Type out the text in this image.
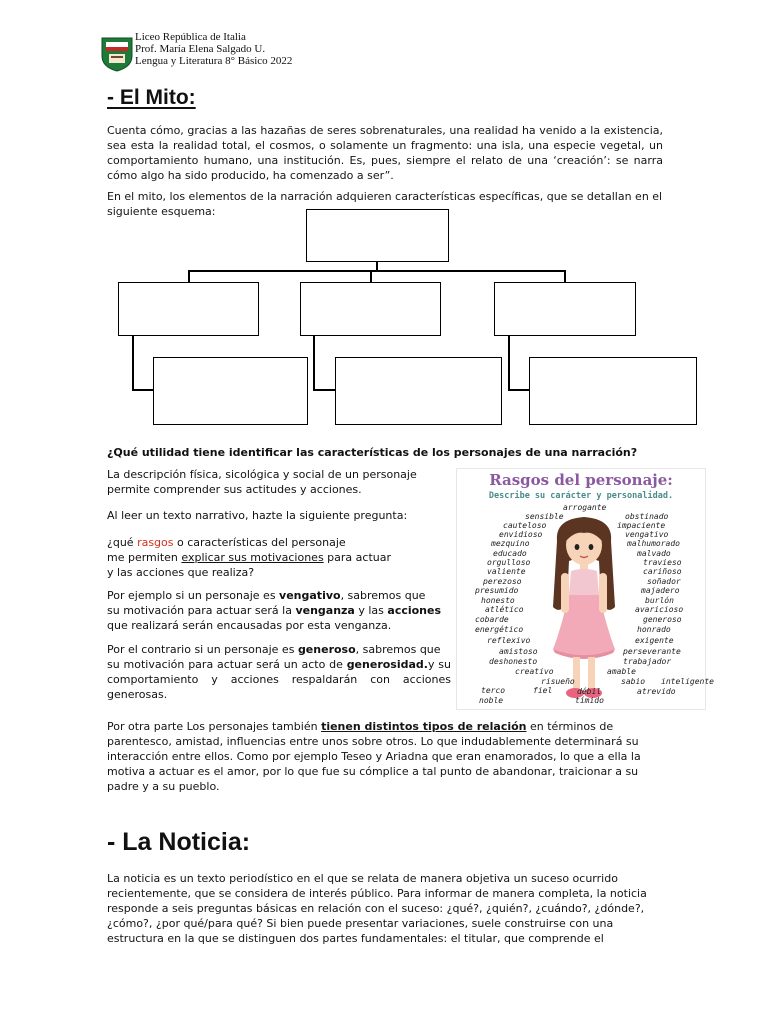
Liceo República de Italia
Prof. María Elena Salgado U.
Lengua y Literatura 8° Básico 2022
- El Mito:
Cuenta cómo, gracias a las hazañas de seres sobrenaturales, una realidad ha venido a la existencia, sea esta la realidad total, el cosmos, o solamente un fragmento: una isla, una especie vegetal, un comportamiento humano, una institución. Es, pues, siempre el relato de una ‘creación’: se narra cómo algo ha sido producido, ha comenzado a ser”.
En el mito, los elementos de la narración adquieren características específicas, que se detallan en el siguiente esquema:
¿Qué utilidad tiene identificar las características de los personajes de una narración?
La descripción física, sicológica y social de un personaje
permite comprender sus actitudes y acciones.
Al leer un texto narrativo, hazte la siguiente pregunta:
¿qué rasgos o características del personaje
me permiten explicar sus motivaciones para actuar
y las acciones que realiza?
Por ejemplo si un personaje es vengativo, sabremos que
su motivación para actuar será la venganza y las acciones
que realizará serán encausadas por esta venganza.
Por el contrario si un personaje es generoso, sabremos que
su motivación para actuar será un acto de generosidad.y su comportamiento y acciones respaldarán con acciones generosas.
Rasgos del personaje:
Describe su carácter y personalidad.
arrogante
sensible
cauteloso
envidioso
mezquino
educado
orgulloso
valiente
perezoso
presumido
honesto
atlético
cobarde
energético
reflexivo
amistoso
deshonesto
creativo
risueño
terco	fiel
noble
débil
tímido
obstinado
impaciente
vengativo
malhumorado
malvado
travieso
cariñoso
soñador
majadero
burlón
avaricioso
generoso
honrado
exigente
perseverante
trabajador
amable
sabio inteligente
atrevido
Por otra parte Los personajes también tienen distintos tipos de relación en términos de parentesco, amistad, influencias entre unos sobre otros. Lo que indudablemente determinará su interacción entre ellos. Como por ejemplo Teseo y Ariadna que eran enamorados, lo que a ella la motiva a actuar es el amor, por lo que fue su cómplice a tal punto de abandonar, traicionar a su padre y a su pueblo.
- La Noticia:
La noticia es un texto periodístico en el que se relata de manera objetiva un suceso ocurrido recientemente, que se considera de interés público. Para informar de manera completa, la noticia responde a seis preguntas básicas en relación con el suceso: ¿qué?, ¿quién?, ¿cuándo?, ¿dónde?, ¿cómo?, ¿por qué/para qué? Si bien puede presentar variaciones, suele construirse con una estructura en la que se distinguen dos partes fundamentales: el titular, que comprende el
